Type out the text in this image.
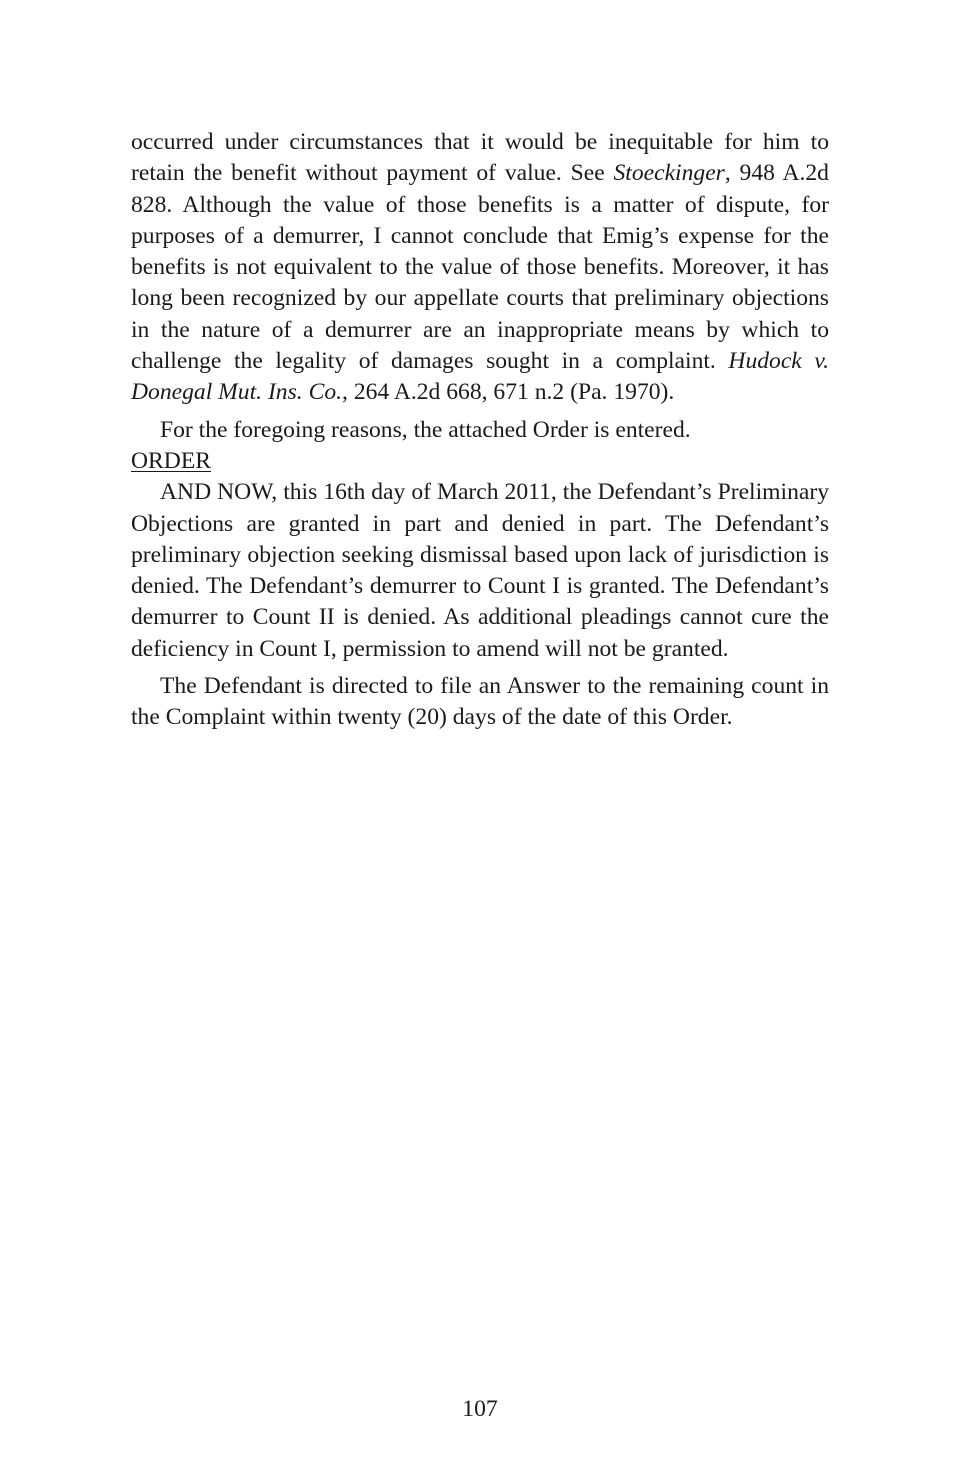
occurred under circumstances that it would be inequitable for him to retain the benefit without payment of value. See Stoeckinger, 948 A.2d 828. Although the value of those benefits is a matter of dispute, for purposes of a demurrer, I cannot conclude that Emig’s expense for the benefits is not equivalent to the value of those benefits. Moreover, it has long been recognized by our appellate courts that preliminary objections in the nature of a demurrer are an inappropriate means by which to challenge the legality of damages sought in a complaint. Hudock v. Donegal Mut. Ins. Co., 264 A.2d 668, 671 n.2 (Pa. 1970).

For the foregoing reasons, the attached Order is entered.

ORDER

AND NOW, this 16th day of March 2011, the Defendant’s Preliminary Objections are granted in part and denied in part. The Defendant’s preliminary objection seeking dismissal based upon lack of jurisdiction is denied. The Defendant’s demurrer to Count I is granted. The Defendant’s demurrer to Count II is denied. As additional pleadings cannot cure the deficiency in Count I, permission to amend will not be granted.

The Defendant is directed to file an Answer to the remaining count in the Complaint within twenty (20) days of the date of this Order.

107
